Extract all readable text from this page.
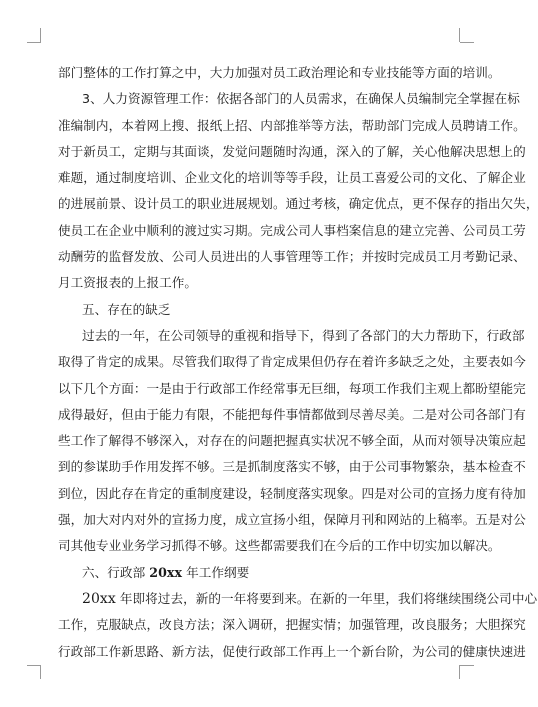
部门整体的工作打算之中，大力加强对员工政治理论和专业技能等方面的培训。
3、人力资源管理工作：依据各部门的人员需求，在确保人员编制完全掌握在标
准编制内，本着网上搜、报纸上招、内部推举等方法，帮助部门完成人员聘请工作。
对于新员工，定期与其面谈，发觉问题随时沟通，深入的了解，关心他解决思想上的
难题，通过制度培训、企业文化的培训等等手段，让员工喜爱公司的文化、了解企业
的进展前景、设计员工的职业进展规划。通过考核，确定优点，更不保存的指出欠失，
使员工在企业中顺利的渡过实习期。完成公司人事档案信息的建立完善、公司员工劳
动酬劳的监督发放、公司人员进出的人事管理等工作；并按时完成员工月考勤记录、
月工资报表的上报工作。
五、存在的缺乏
过去的一年，在公司领导的重视和指导下，得到了各部门的大力帮助下，行政部
取得了肯定的成果。尽管我们取得了肯定成果但仍存在着许多缺乏之处，主要表如今
以下几个方面：一是由于行政部工作经常事无巨细，每项工作我们主观上都盼望能完
成得最好，但由于能力有限，不能把每件事情都做到尽善尽美。二是对公司各部门有
些工作了解得不够深入，对存在的问题把握真实状况不够全面，从而对领导决策应起
到的参谋助手作用发挥不够。三是抓制度落实不够，由于公司事物繁杂，基本检查不
到位，因此存在肯定的重制度建设，轻制度落实现象。四是对公司的宣扬力度有待加
强，加大对内对外的宣扬力度，成立宣扬小组，保障月刊和网站的上稿率。五是对公
司其他专业业务学习抓得不够。这些都需要我们在今后的工作中切实加以解决。
六、行政部 20xx 年工作纲要
20xx 年即将过去，新的一年将要到来。在新的一年里，我们将继续围绕公司中心
工作，克服缺点，改良方法；深入调研，把握实情；加强管理，改良服务；大胆探究
行政部工作新思路、新方法，促使行政部工作再上一个新台阶，为公司的健康快速进
